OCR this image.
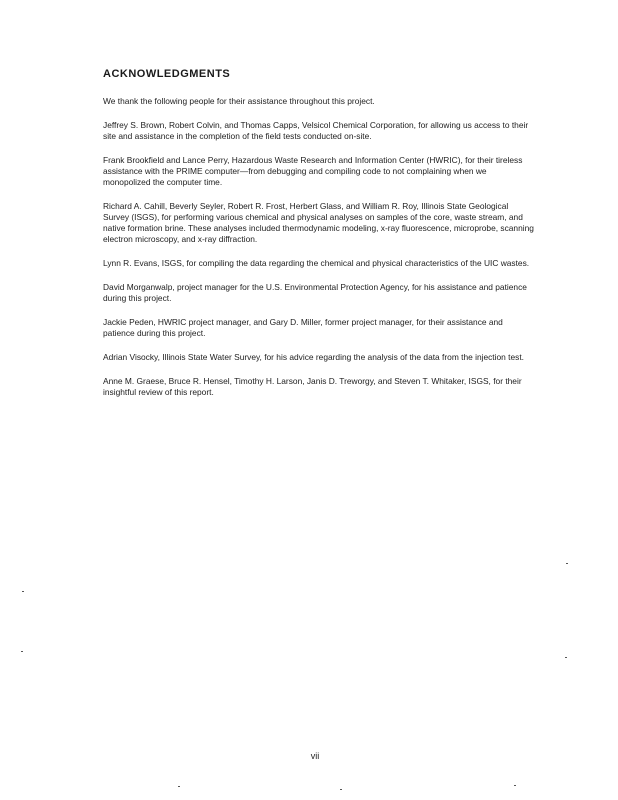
ACKNOWLEDGMENTS

We thank the following people for their assistance throughout this project.

Jeffrey S. Brown, Robert Colvin, and Thomas Capps, Velsicol Chemical Corporation, for allowing us access to their site and assistance in the completion of the field tests conducted on-site.

Frank Brookfield and Lance Perry, Hazardous Waste Research and Information Center (HWRIC), for their tireless assistance with the PRIME computer—from debugging and compiling code to not complaining when we monopolized the computer time.

Richard A. Cahill, Beverly Seyler, Robert R. Frost, Herbert Glass, and William R. Roy, Illinois State Geological Survey (ISGS), for performing various chemical and physical analyses on samples of the core, waste stream, and native formation brine. These analyses included thermodynamic modeling, x-ray fluorescence, microprobe, scanning electron microscopy, and x-ray diffraction.

Lynn R. Evans, ISGS, for compiling the data regarding the chemical and physical characteristics of the UIC wastes.

David Morganwalp, project manager for the U.S. Environmental Protection Agency, for his assistance and patience during this project.

Jackie Peden, HWRIC project manager, and Gary D. Miller, former project manager, for their assistance and patience during this project.

Adrian Visocky, Illinois State Water Survey, for his advice regarding the analysis of the data from the injection test.

Anne M. Graese, Bruce R. Hensel, Timothy H. Larson, Janis D. Treworgy, and Steven T. Whitaker, ISGS, for their insightful review of this report.

vii
